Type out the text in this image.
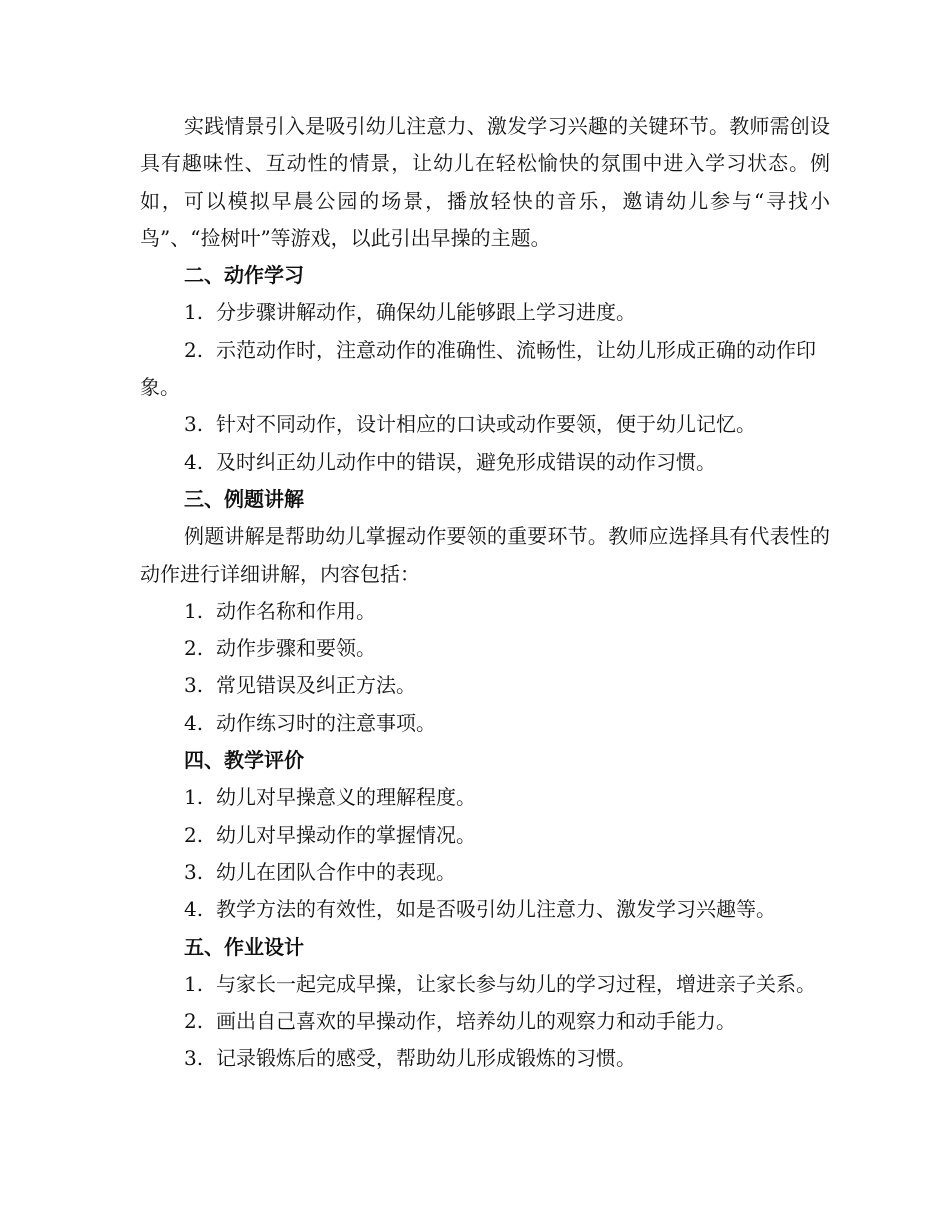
实践情景引入是吸引幼儿注意力、激发学习兴趣的关键环节。教师需创设具有趣味性、互动性的情景，让幼儿在轻松愉快的氛围中进入学习状态。例如，可以模拟早晨公园的场景，播放轻快的音乐，邀请幼儿参与“寻找小鸟”、“捡树叶”等游戏，以此引出早操的主题。

二、动作学习

1. 分步骤讲解动作，确保幼儿能够跟上学习进度。

2. 示范动作时，注意动作的准确性、流畅性，让幼儿形成正确的动作印象。

3. 针对不同动作，设计相应的口诀或动作要领，便于幼儿记忆。

4. 及时纠正幼儿动作中的错误，避免形成错误的动作习惯。

三、例题讲解

例题讲解是帮助幼儿掌握动作要领的重要环节。教师应选择具有代表性的动作进行详细讲解，内容包括：

1. 动作名称和作用。

2. 动作步骤和要领。

3. 常见错误及纠正方法。

4. 动作练习时的注意事项。

四、教学评价

1. 幼儿对早操意义的理解程度。

2. 幼儿对早操动作的掌握情况。

3. 幼儿在团队合作中的表现。

4. 教学方法的有效性，如是否吸引幼儿注意力、激发学习兴趣等。

五、作业设计

1. 与家长一起完成早操，让家长参与幼儿的学习过程，增进亲子关系。

2. 画出自己喜欢的早操动作，培养幼儿的观察力和动手能力。

3. 记录锻炼后的感受，帮助幼儿形成锻炼的习惯。
